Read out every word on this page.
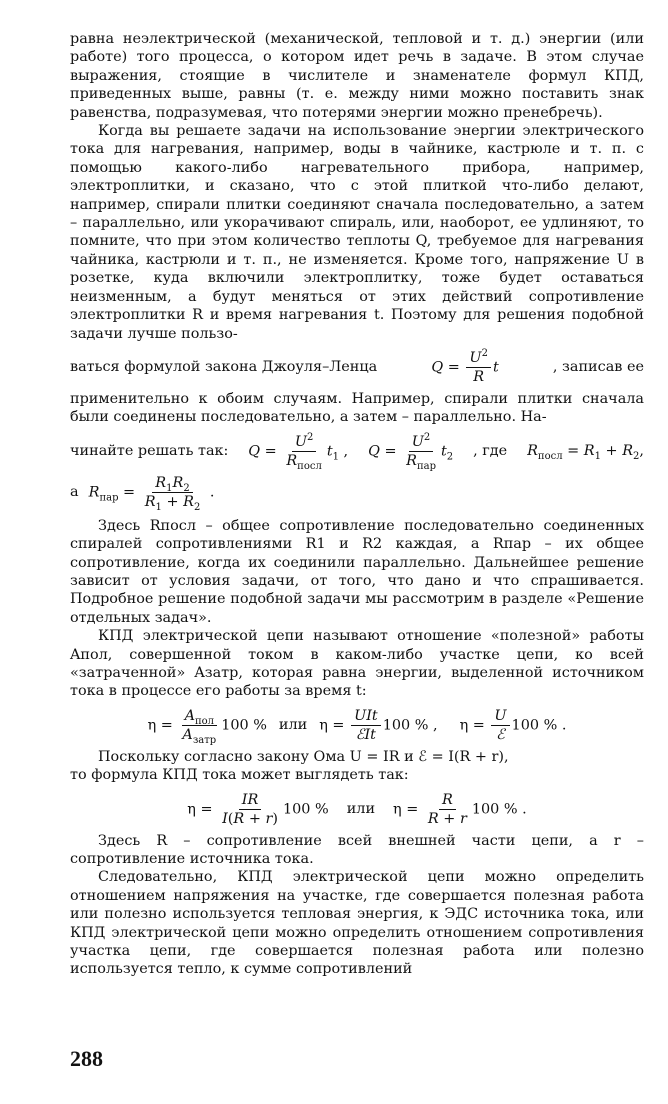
равна неэлектрической (механической, тепловой и т. д.) энергии (или работе) того процесса, о котором идет речь в задаче. В этом случае выражения, стоящие в числителе и знаменателе формул КПД, приведенных выше, равны (т. е. между ними можно поставить знак равенства, подразумевая, что потерями энергии можно пренебречь).

Когда вы решаете задачи на использование энергии электрического тока для нагревания, например, воды в чайнике, кастрюле и т. п. с помощью какого-либо нагревательного прибора, например, электроплитки, и сказано, что с этой плиткой что-либо делают, например, спирали плитки соединяют сначала последовательно, а затем – параллельно, или укорачивают спираль, или, наоборот, ее удлиняют, то помните, что при этом количество теплоты Q, требуемое для нагревания чайника, кастрюли и т. п., не изменяется. Кроме того, напряжение U в розетке, куда включили электроплитку, тоже будет оставаться неизменным, а будут меняться от этих действий сопротивление электроплитки R и время нагревания t. Поэтому для решения подобной задачи лучше пользо-

ваться формулой закона Джоуля–Ленца	$Q = \frac{U^2}{R}$ t	, записав ее

применительно к обоим случаям. Например, спирали плитки сначала были соединены последовательно, а затем – параллельно. На-

чинайте решать так: $Q = \frac{U^2}{R_{посл}} t_1$ , $Q = \frac{U^2}{R_{пар}} t_2$ , где $R_{посл} = R_1 + R_2$,
а $R_{пар} = \frac{R_1R_2}{R_1 + R_2}$ .

Здесь Rпосл – общее сопротивление последовательно соединенных спиралей сопротивлениями R1 и R2 каждая, а Rпар – их общее сопротивление, когда их соединили параллельно. Дальнейшее решение зависит от условия задачи, от того, что дано и что спрашивается. Подробное решение подобной задачи мы рассмотрим в разделе «Решение отдельных задач».

КПД электрической цепи называют отношение «полезной» работы Aпол, совершенной током в каком-либо участке цепи, ко всей «затраченной» Aзатр, которая равна энергии, выделенной источником тока в процессе его работы за время t:

$\eta = \frac{A_{пол}}{A_{затр}} 100$ % или $\eta = \frac{\text{UIt}}{\text{ℰIt}} 100$ % , $\eta = \frac{U}{\text{ℰ}} 100$ % .

Поскольку согласно закону Ома U = IR и ℰ = I(R + r),

то формула КПД тока может выглядеть так:

$\eta = \frac{IR}{I(R + r)} 100$ % или $\eta = \frac{R}{R + r} 100$ % .

Здесь R – сопротивление всей внешней части цепи, а r – сопротивление источника тока.

Следовательно, КПД электрической цепи можно определить отношением напряжения на участке, где совершается полезная работа или полезно используется тепловая энергия, к ЭДС источника тока, или КПД электрической цепи можно определить отношением сопротивления участка цепи, где совершается полезная работа или полезно используется тепло, к сумме сопротивлений

288
